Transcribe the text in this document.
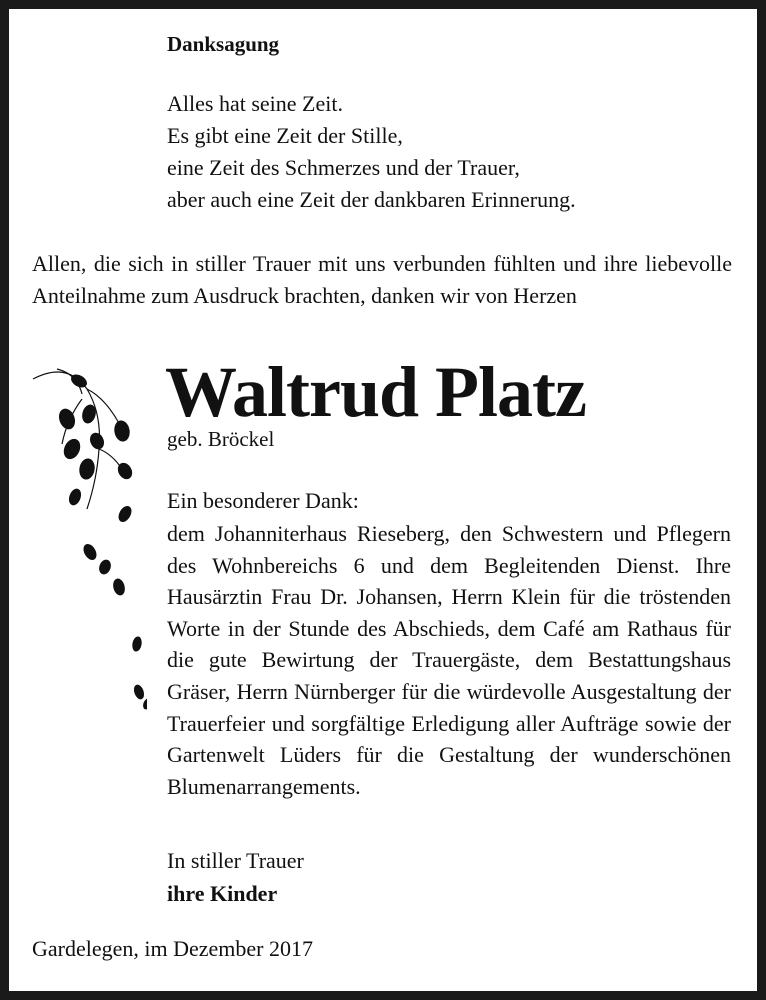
Danksagung

Alles hat seine Zeit.
Es gibt eine Zeit der Stille,
eine Zeit des Schmerzes und der Trauer,
aber auch eine Zeit der dankbaren Erinnerung.

Allen, die sich in stiller Trauer mit uns verbunden fühlten und ihre liebevolle Anteilnahme zum Ausdruck brachten, danken wir von Herzen

Waltrud Platz

geb. Bröckel

Ein besonderer Dank:

dem Johanniterhaus Rieseberg, den Schwestern und Pflegern des Wohnbereichs 6 und dem Begleitenden Dienst. Ihre Hausärztin Frau Dr. Johansen, Herrn Klein für die tröstenden Worte in der Stunde des Abschieds, dem Café am Rathaus für die gute Bewirtung der Trauergäste, dem Bestattungshaus Gräser, Herrn Nürnberger für die würdevolle Ausgestaltung der Trauerfeier und sorgfältige Erledigung aller Aufträge sowie der Gartenwelt Lüders für die Gestaltung der wunderschönen Blumenarrangements.

In stiller Trauer

ihre Kinder

Gardelegen, im Dezember 2017
